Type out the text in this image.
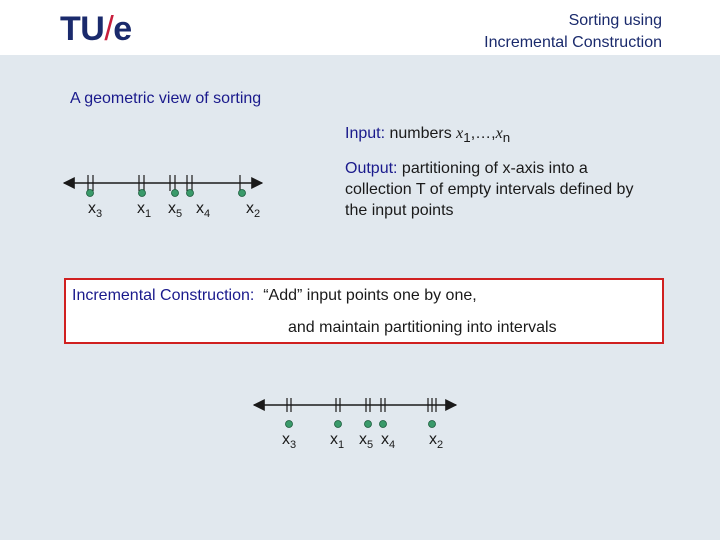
TU/e	Sorting using
Incremental Construction
A geometric view of sorting
Input: numbers $x_1,\dots,x_n$
Output: partitioning of x-axis into a collection T of empty intervals defined by the input points
Incremental Construction: “Add” input points one by one,
and maintain partitioning into intervals
$x_3$ $x_1$ $x_5$ $x_4$ $x_2$
$x_3$ $x_1$ $x_5$ $x_4$ $x_2$
